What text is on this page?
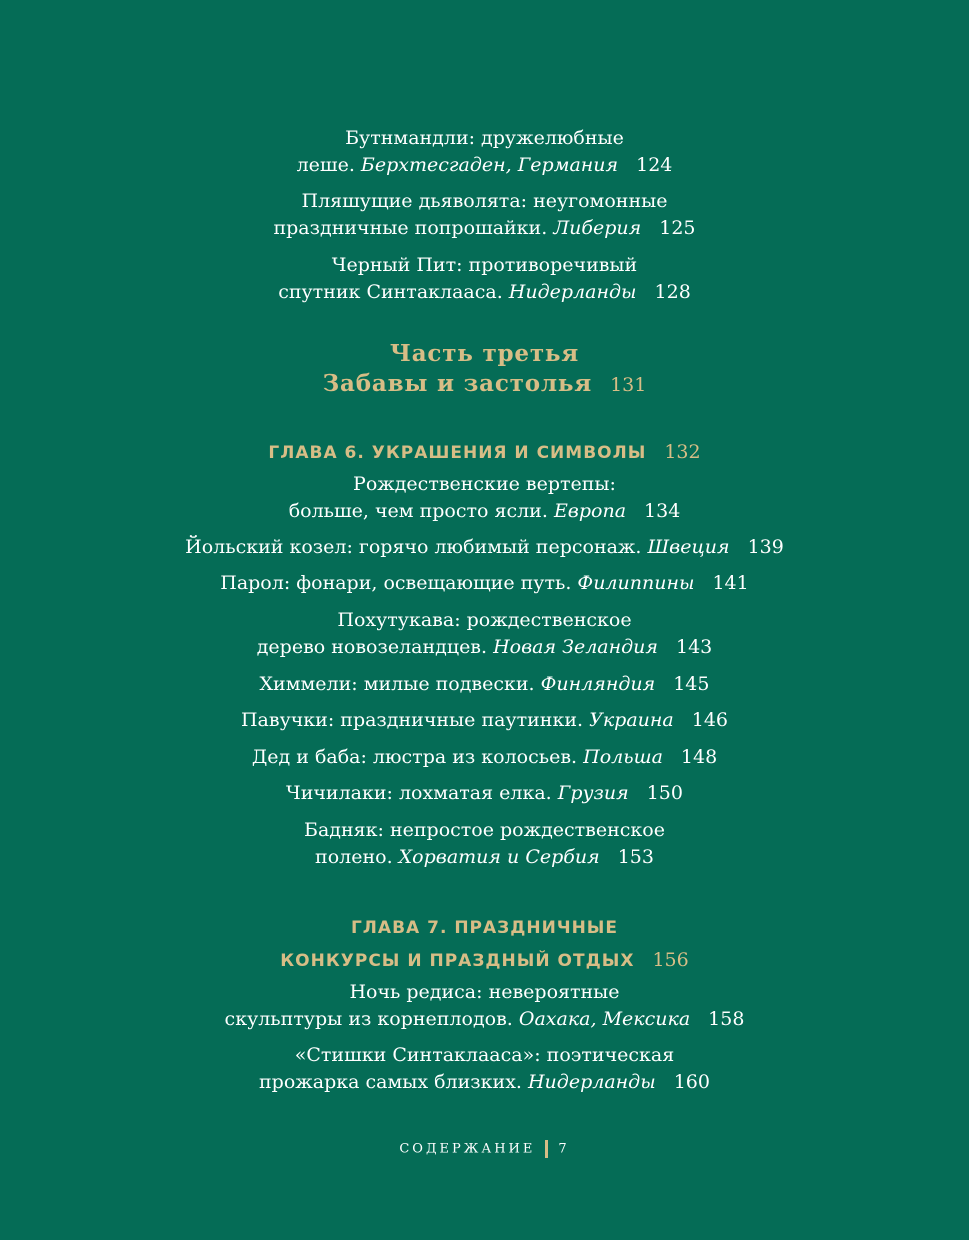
Бутнмандли: дружелюбные
леше. Берхтесгаден, Германия 124
Пляшущие дьяволята: неугомонные
праздничные попрошайки. Либерия 125
Черный Пит: противоречивый
спутник Синтаклааса. Нидерланды 128
Часть третья
Забавы и застолья 131
ГЛАВА 6. УКРАШЕНИЯ И СИМВОЛЫ 132
Рождественские вертепы:
больше, чем просто ясли. Европа 134
Йольский козел: горячо любимый персонаж. Швеция 139
Парол: фонари, освещающие путь. Филиппины 141
Похутукава: рождественское
дерево новозеландцев. Новая Зеландия 143
Химмели: милые подвески. Финляндия 145
Павучки: праздничные паутинки. Украина 146
Дед и баба: люстра из колосьев. Польша 148
Чичилаки: лохматая елка. Грузия 150
Бадняк: непростое рождественское
полено. Хорватия и Сербия 153
ГЛАВА 7. ПРАЗДНИЧНЫЕ
КОНКУРСЫ И ПРАЗДНЫЙ ОТДЫХ 156
Ночь редиса: невероятные
скульптуры из корнеплодов. Оахака, Мексика 158
«Стишки Синтаклааса»: поэтическая
прожарка самых близких. Нидерланды 160
СОДЕРЖАНИЕ 7
